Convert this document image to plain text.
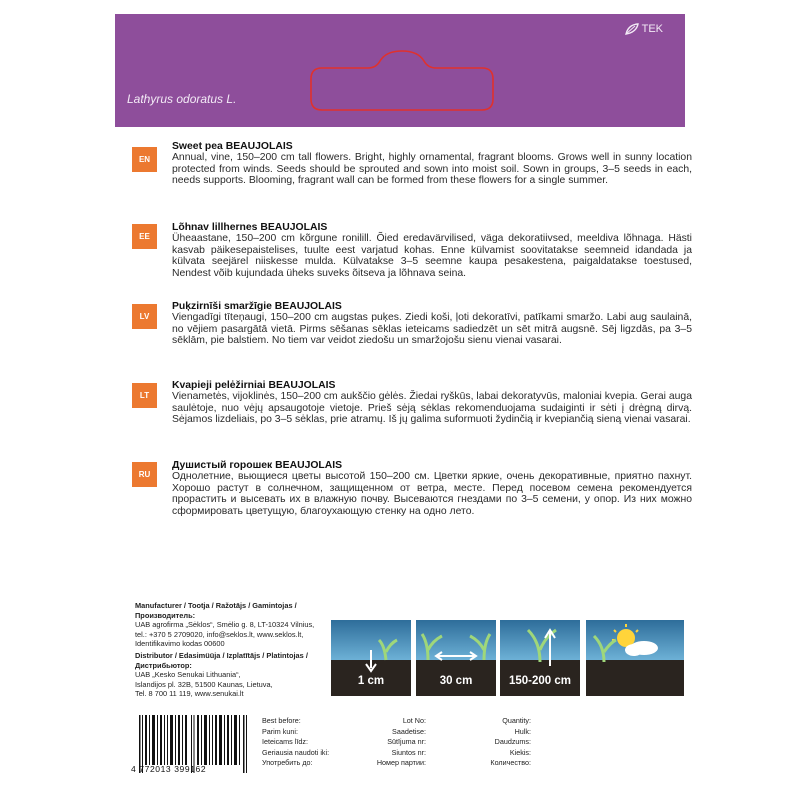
TEK
Lathyrus odoratus L.
EN
Sweet pea BEAUJOLAIS
Annual, vine, 150–200 cm tall flowers. Bright, highly ornamental, fragrant blooms. Grows well in sunny location protected from winds. Seeds should be sprouted and sown into moist soil. Sown in groups, 3–5 seeds in each, needs supports. Blooming, fragrant wall can be formed from these flowers for a single summer.
EE
Lõhnav lillhernes BEAUJOLAIS
Üheaastane, 150–200 cm kõrgune ronilill. Õied eredavärvilised, väga dekoratiivsed, meeldiva lõhnaga. Hästi kasvab päikesepaistelises, tuulte eest varjatud kohas. Enne külvamist soovitatakse seemneid idandada ja külvata seejärel niiskesse mulda. Külvatakse 3–5 seemne kaupa pesakestena, paigaldatakse toestused, Nendest võib kujundada üheks suveks õitseva ja lõhnava seina.
LV
Puķzirnīši smaržīgie BEAUJOLAIS
Viengadīgi tīteņaugi, 150–200 cm augstas puķes. Ziedi koši, ļoti dekoratīvi, patīkami smaržo. Labi aug saulainā, no vējiem pasargātā vietā. Pirms sēšanas sēklas ieteicams sadiedzēt un sēt mitrā augsnē. Sēj ligzdās, pa 3–5 sēklām, pie balstiem. No tiem var veidot ziedošu un smaržojošu sienu vienai vasarai.
LT
Kvapieji pelėžirniai BEAUJOLAIS
Vienametės, vijoklinės, 150–200 cm aukščio gėlės. Žiedai ryškūs, labai dekoratyvūs, maloniai kvepia. Gerai auga saulėtoje, nuo vėjų apsaugotoje vietoje. Prieš sėją sėklas rekomenduojama sudaiginti ir sėti į drėgną dirvą. Sėjamos lizdeliais, po 3–5 sėklas, prie atramų. Iš jų galima suformuoti žydinčią ir kvepiančią sieną vienai vasarai.
RU
Душистый горошек BEAUJOLAIS
Однолетние, вьющиеся цветы высотой 150–200 см. Цветки яркие, очень декоративные, приятно пахнут. Хорошо растут в солнечном, защищенном от ветра, месте. Перед посевом семена рекомендуется прорастить и высевать их в влажную почву. Высеваются гнездами по 3–5 семени, у опор. Из них можно сформировать цветущую, благоухающую стенку на одно лето.
Manufacturer / Tootja / Ražotājs / Gamintojas / Производитель:
UAB agrofirma „Sėklos“, Smėlio g. 8, LT-10324 Vilnius,
tel.: +370 5 2709020, info@seklos.lt, www.seklos.lt,
Identifikavimo kodas 00600
Distributor / Edasimüüja / Izplatītājs / Platintojas / Дистрибьютор:
UAB „Kesko Senukai Lithuania“,
Islandijos pl. 32B, 51500 Kaunas, Lietuva,
Tel. 8 700 11 119, www.senukai.lt
1 cm	30 cm	150-200 cm
4 772013 399162
Best before:
Parim kuni:
Ieteicams līdz:
Geriausia naudoti iki:
Употребить до:
Lot No:
Saadetise:
Sūtījuma nr:
Siuntos nr:
Номер партии:
Quantity:
Hulk:
Daudzums:
Kiekis:
Количество:
